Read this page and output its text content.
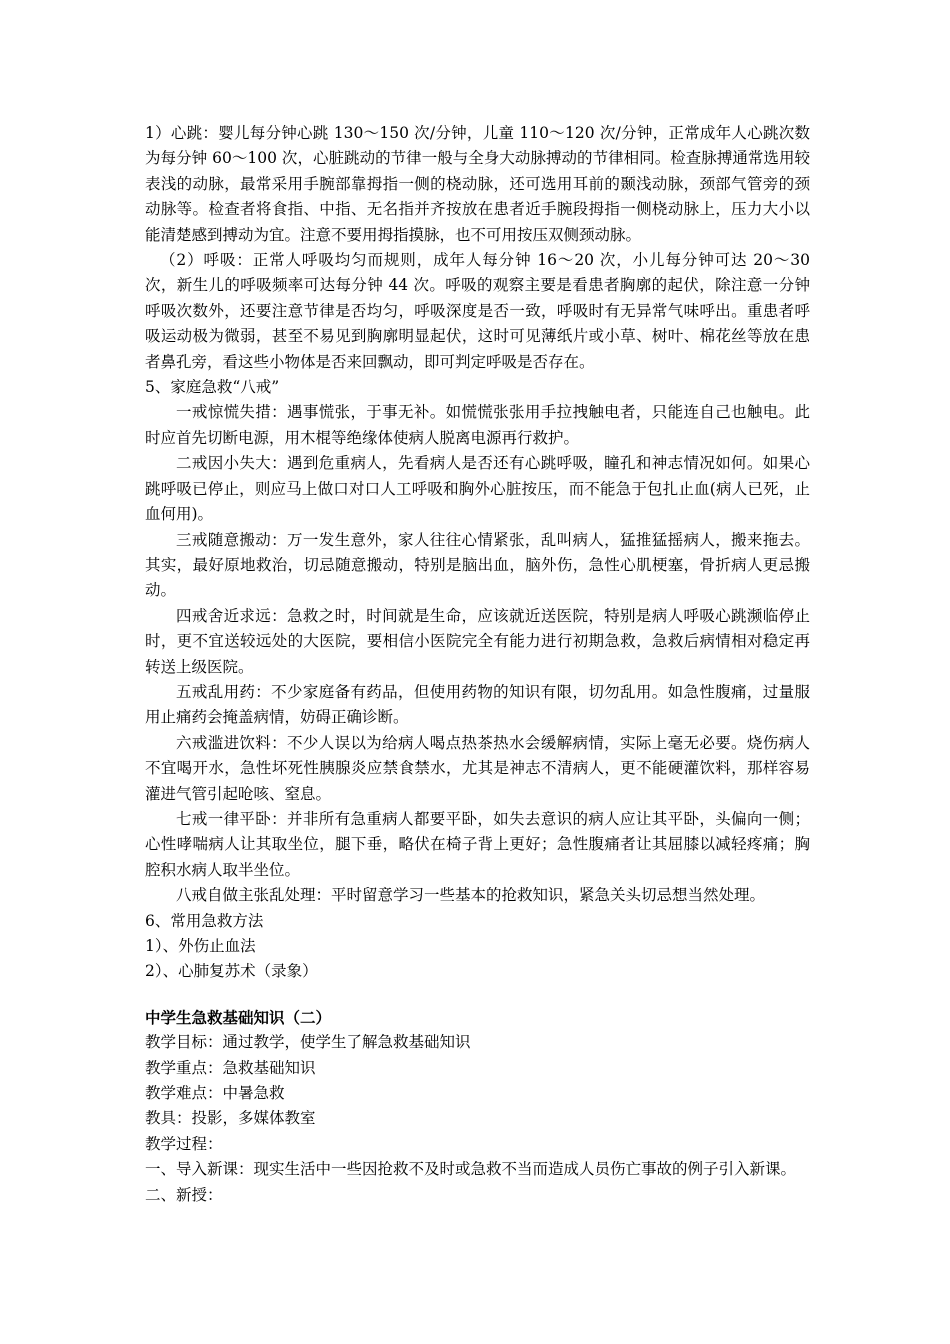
1）心跳：婴儿每分钟心跳 130～150 次/分钟，儿童 110～120 次/分钟，正常成年人心跳次数为每分钟 60～100 次，心脏跳动的节律一般与全身大动脉搏动的节律相同。检查脉搏通常选用较表浅的动脉，最常采用手腕部靠拇指一侧的桡动脉，还可选用耳前的颞浅动脉，颈部气管旁的颈动脉等。检查者将食指、中指、无名指并齐按放在患者近手腕段拇指一侧桡动脉上，压力大小以能清楚感到搏动为宜。注意不要用拇指摸脉，也不可用按压双侧颈动脉。

（2）呼吸：正常人呼吸均匀而规则，成年人每分钟 16～20 次，小儿每分钟可达 20～30 次，新生儿的呼吸频率可达每分钟 44 次。呼吸的观察主要是看患者胸廓的起伏，除注意一分钟呼吸次数外，还要注意节律是否均匀，呼吸深度是否一致，呼吸时有无异常气味呼出。重患者呼吸运动极为微弱，甚至不易见到胸廓明显起伏，这时可见薄纸片或小草、树叶、棉花丝等放在患者鼻孔旁，看这些小物体是否来回飘动，即可判定呼吸是否存在。

5、家庭急救“八戒”

一戒惊慌失措：遇事慌张，于事无补。如慌慌张张用手拉拽触电者，只能连自己也触电。此时应首先切断电源，用木棍等绝缘体使病人脱离电源再行救护。

二戒因小失大：遇到危重病人，先看病人是否还有心跳呼吸，瞳孔和神志情况如何。如果心跳呼吸已停止，则应马上做口对口人工呼吸和胸外心脏按压，而不能急于包扎止血(病人已死，止血何用)。

三戒随意搬动：万一发生意外，家人往往心情紧张，乱叫病人，猛推猛摇病人，搬来拖去。其实，最好原地救治，切忌随意搬动，特别是脑出血，脑外伤，急性心肌梗塞，骨折病人更忌搬动。

四戒舍近求远：急救之时，时间就是生命，应该就近送医院，特别是病人呼吸心跳濒临停止时，更不宜送较远处的大医院，要相信小医院完全有能力进行初期急救，急救后病情相对稳定再转送上级医院。

五戒乱用药：不少家庭备有药品，但使用药物的知识有限，切勿乱用。如急性腹痛，过量服用止痛药会掩盖病情，妨碍正确诊断。

六戒滥进饮料：不少人误以为给病人喝点热茶热水会缓解病情，实际上毫无必要。烧伤病人不宜喝开水，急性坏死性胰腺炎应禁食禁水，尤其是神志不清病人，更不能硬灌饮料，那样容易灌进气管引起呛咳、窒息。

七戒一律平卧：并非所有急重病人都要平卧，如失去意识的病人应让其平卧，头偏向一侧；心性哮喘病人让其取坐位，腿下垂，略伏在椅子背上更好；急性腹痛者让其屈膝以减轻疼痛；胸腔积水病人取半坐位。

八戒自做主张乱处理：平时留意学习一些基本的抢救知识，紧急关头切忌想当然处理。

6、常用急救方法

1）、外伤止血法

2）、心肺复苏术（录象）

中学生急救基础知识（二）

教学目标：通过教学，使学生了解急救基础知识

教学重点：急救基础知识

教学难点：中暑急救

教具：投影，多媒体教室

教学过程：

一、导入新课：现实生活中一些因抢救不及时或急救不当而造成人员伤亡事故的例子引入新课。

二、新授：
